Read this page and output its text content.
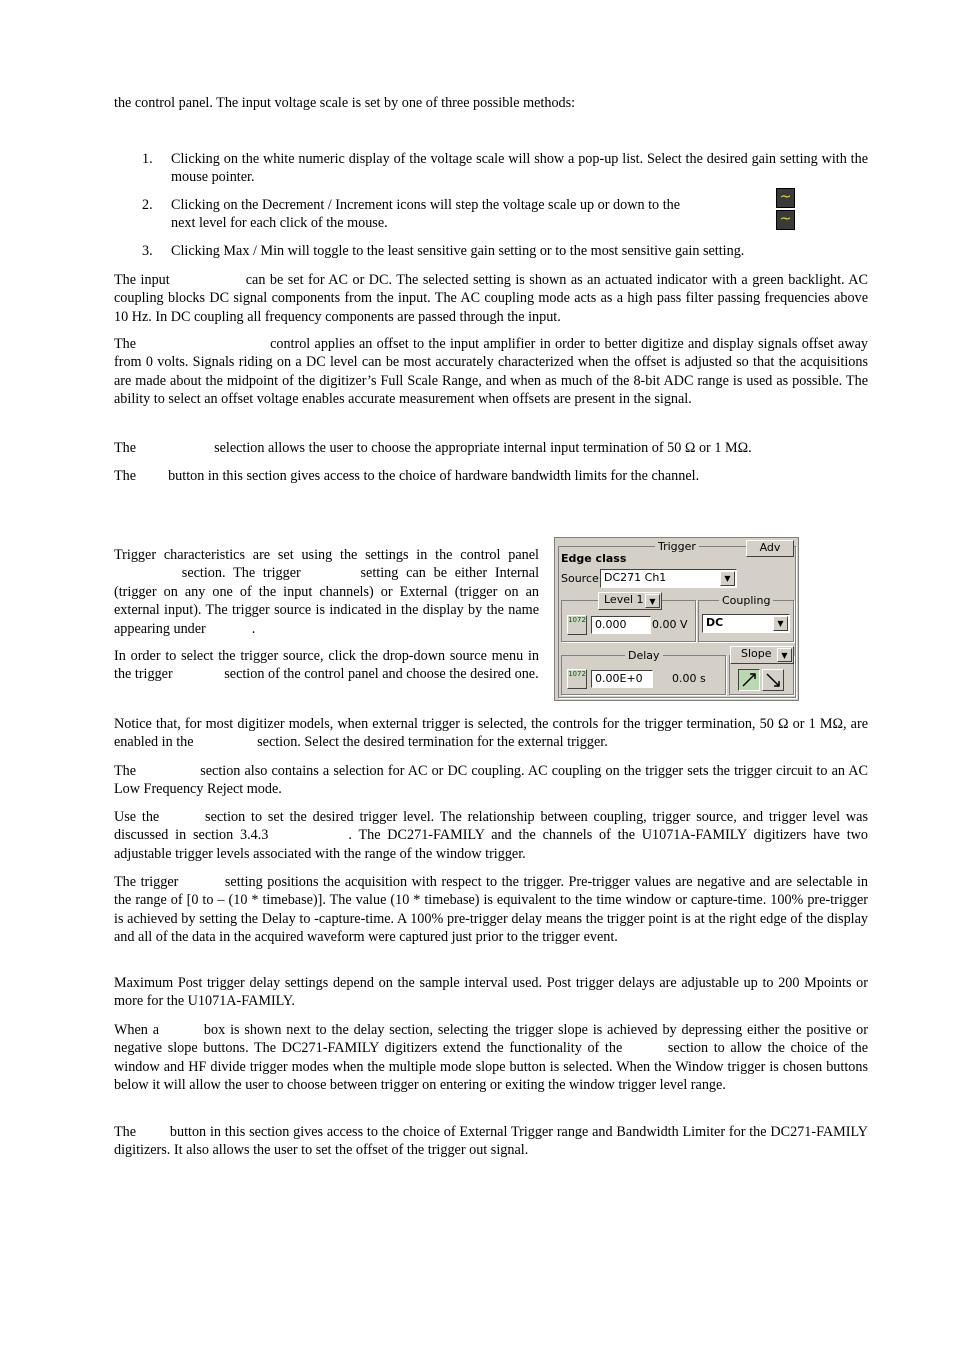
the control panel. The input voltage scale is set by one of three possible methods:

1. Clicking on the white numeric display of the voltage scale will show a pop-up list. Select the desired gain setting with the mouse pointer.
2. Clicking on the Decrement / Increment icons will step the voltage scale up or down to the
next level for each click of the mouse.
~
~
3. Clicking Max / Min will toggle to the least sensitive gain setting or to the most sensitive gain setting.

The input	can be set for AC or DC. The selected setting is shown as an actuated indicator with a green backlight. AC coupling blocks DC signal components from the input. The AC coupling mode acts as a high pass filter passing frequencies above 10 Hz. In DC coupling all frequency components are passed through the input.

The	control applies an offset to the input amplifier in order to better digitize and display signals offset away from 0 volts. Signals riding on a DC level can be most accurately characterized when the offset is adjusted so that the acquisitions are made about the midpoint of the digitizer’s Full Scale Range, and when as much of the 8-bit ADC range is used as possible. The ability to select an offset voltage enables accurate measurement when offsets are present in the signal.

The	selection allows the user to choose the appropriate internal input termination of 50 Ω or 1 MΩ.

The button in this section gives access to the choice of hardware bandwidth limits for the channel.

Trigger characteristics are set using the settings in the control panel section. The trigger	setting can be either Internal (trigger on any one of the input channels) or External (trigger on an external input). The trigger source is indicated in the display by the name appearing under	.

In order to select the trigger source, click the drop-down source menu in the trigger	section of the control panel and choose the desired one.

Trigger	Adv
Edge class
Source DC271 Ch1	▼
Level 1 ▼
1072 0.000	0.00 V
Coupling
DC	▼
Delay
1072 0.00E+0	0.00 s
Slope	▼

Notice that, for most digitizer models, when external trigger is selected, the controls for the trigger termination, 50 Ω or 1 MΩ, are enabled in the	section. Select the desired termination for the external trigger.

The	section also contains a selection for AC or DC coupling. AC coupling on the trigger sets the trigger circuit to an AC Low Frequency Reject mode.

Use the	section to set the desired trigger level. The relationship between coupling, trigger source, and trigger level was discussed in section 3.4.3	. The DC271-FAMILY and the channels of the U1071A-FAMILY digitizers have two adjustable trigger levels associated with the range of the window trigger.

The trigger	setting positions the acquisition with respect to the trigger. Pre-trigger values are negative and are selectable in the range of [0 to – (10 * timebase)]. The value (10 * timebase) is equivalent to the time window or capture-time. 100% pre-trigger is achieved by setting the Delay to -capture-time. A 100% pre-trigger delay means the trigger point is at the right edge of the display and all of the data in the acquired waveform were captured just prior to the trigger event.

Maximum Post trigger delay settings depend on the sample interval used. Post trigger delays are adjustable up to 200 Mpoints or more for the U1071A-FAMILY.

When a	box is shown next to the delay section, selecting the trigger slope is achieved by depressing either the positive or negative slope buttons. The DC271-FAMILY digitizers extend the functionality of the	section to allow the choice of the window and HF divide trigger modes when the multiple mode slope button is selected. When the Window trigger is chosen buttons below it will allow the user to choose between trigger on entering or exiting the window trigger level range.

The button in this section gives access to the choice of External Trigger range and Bandwidth Limiter for the DC271-FAMILY digitizers. It also allows the user to set the offset of the trigger out signal.
